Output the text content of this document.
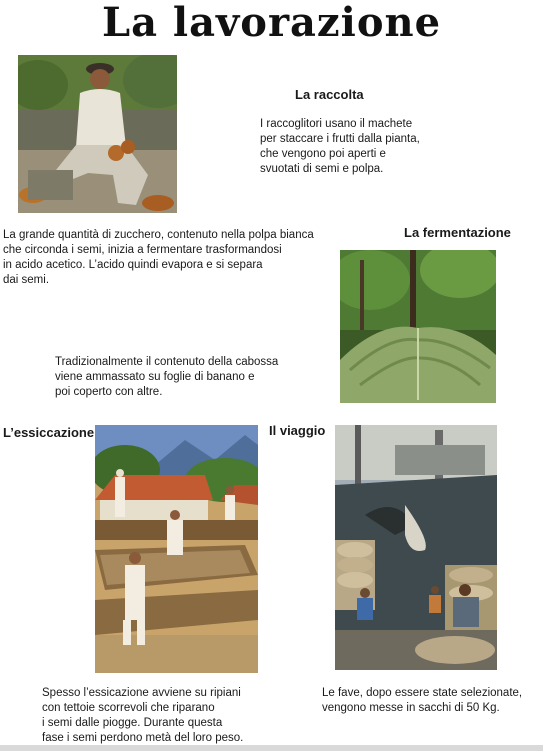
La lavorazione
La raccolta
I raccoglitori usano il machete
per staccare i frutti dalla pianta,
che vengono poi aperti e
svuotati di semi e polpa.
La fermentazione
La grande quantità di zucchero, contenuto nella polpa bianca
che circonda i semi, inizia a fermentare trasformandosi
in acido acetico. L’acido quindi evapora e si separa
dai semi.
Tradizionalmente il contenuto della cabossa
viene ammassato su foglie di banano e
poi coperto con altre.
L’essiccazione	Il viaggio
Spesso l’essicazione avviene su ripiani
con tettoie scorrevoli che riparano
i semi dalle piogge. Durante questa
fase i semi perdono metà del loro peso.
Le fave, dopo essere state selezionate,
vengono messe in sacchi di 50 Kg.
